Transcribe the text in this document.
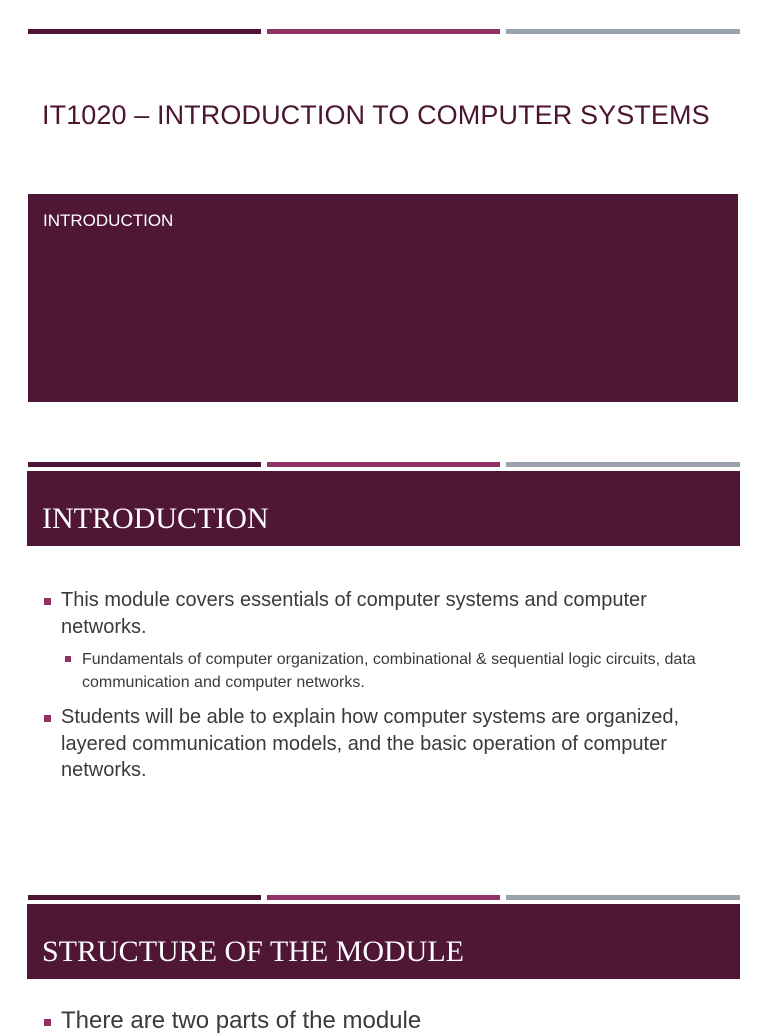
IT1020 – INTRODUCTION TO COMPUTER SYSTEMS
INTRODUCTION
INTRODUCTION

This module covers essentials of computer systems and computer networks.

Fundamentals of computer organization, combinational & sequential logic circuits, data communication and computer networks.

Students will be able to explain how computer systems are organized, layered communication models, and the basic operation of computer networks.

STRUCTURE OF THE MODULE

There are two parts of the module
